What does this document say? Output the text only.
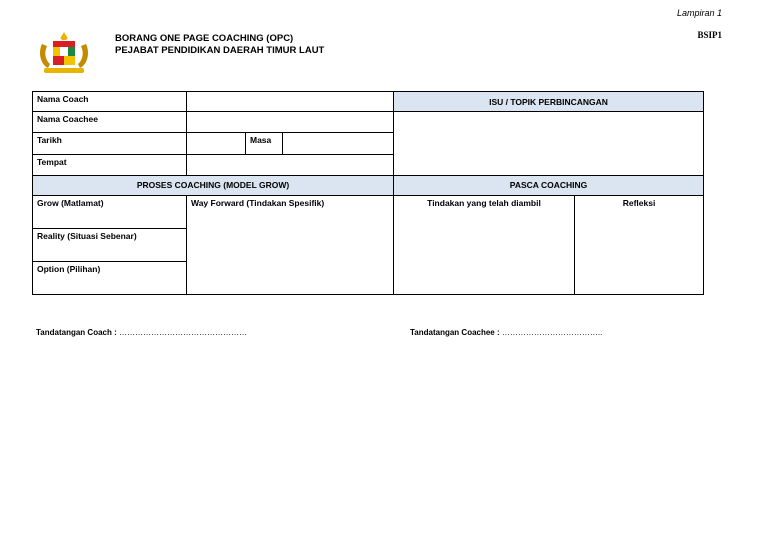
Lampiran 1
BSIP1
BORANG ONE PAGE COACHING (OPC)
PEJABAT PENDIDIKAN DAERAH TIMUR LAUT
Nama Coach				ISU / TOPIK PERBINCANGAN	
Nama Coachee					
Tarikh		Masa			
Tempat					
PROSES COACHING (MODEL GROW)				PASCA COACHING	
Grow (Matlamat)	Way Forward (Tindakan Spesifik)			Tindakan yang telah diambil	Refleksi
Reality (Situasi Sebenar)					
Option (Pilihan)					
Tandatangan Coach : …………………………………………	Tandatangan Coachee : ………………………………..
